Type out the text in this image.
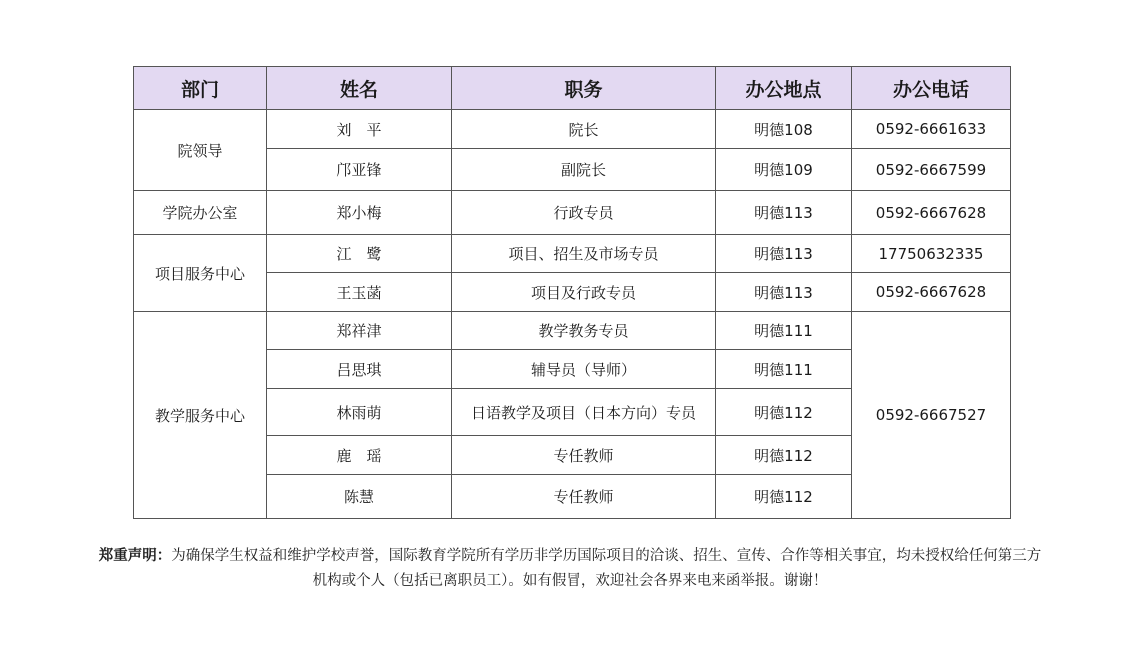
部门	姓名	职务	办公地点	办公电话
院领导	刘　平	院长	明德108	0592-6661633
	邝亚锋	副院长	明德109	0592-6667599
学院办公室	郑小梅	行政专员	明德113	0592-6667628
项目服务中心	江　鹭	项目、招生及市场专员	明德113	17750632335
	王玉菡	项目及行政专员	明德113	0592-6667628
教学服务中心	郑祥津	教学教务专员	明德111	0592-6667527
	吕思琪	辅导员（导师）	明德111	
	林雨萌	日语教学及项目（日本方向）专员	明德112	
	鹿　瑶	专任教师	明德112	
	陈慧	专任教师	明德112	
郑重声明：为确保学生权益和维护学校声誉，国际教育学院所有学历非学历国际项目的洽谈、招生、宣传、合作等相关事宜，均未授权给任何第三方机构或个人（包括已离职员工）。如有假冒，欢迎社会各界来电来函举报。谢谢！
